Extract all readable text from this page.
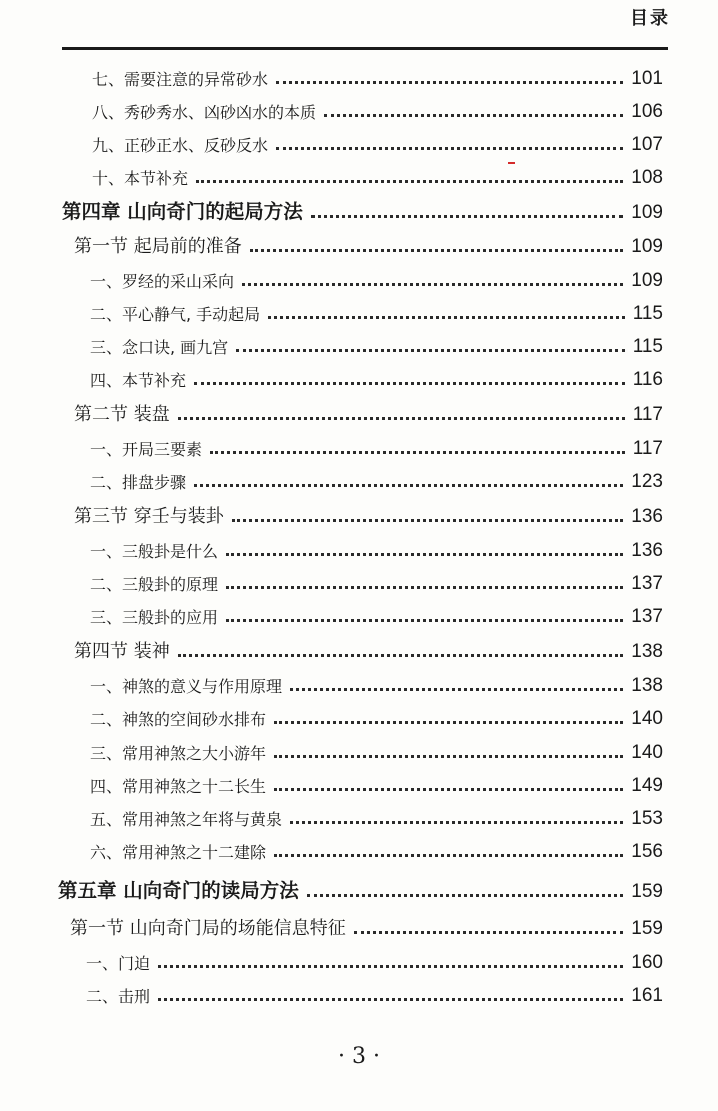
目录
七、需要注意的异常砂水	101
八、秀砂秀水、凶砂凶水的本质	106
九、正砂正水、反砂反水	107
十、本节补充	108
第四章 山向奇门的起局方法	109
第一节 起局前的准备	109
一、罗经的采山采向	109
二、平心静气, 手动起局	115
三、念口诀, 画九宫	115
四、本节补充	116
第二节 装盘	117
一、开局三要素	117
二、排盘步骤	123
第三节 穿壬与装卦	136
一、三般卦是什么	136
二、三般卦的原理	137
三、三般卦的应用	137
第四节 装神	138
一、神煞的意义与作用原理	138
二、神煞的空间砂水排布	140
三、常用神煞之大小游年	140
四、常用神煞之十二长生	149
五、常用神煞之年将与黄泉	153
六、常用神煞之十二建除	156
第五章 山向奇门的读局方法	159
第一节 山向奇门局的场能信息特征	159
一、门迫	160
二、击刑	161
· 3 ·
